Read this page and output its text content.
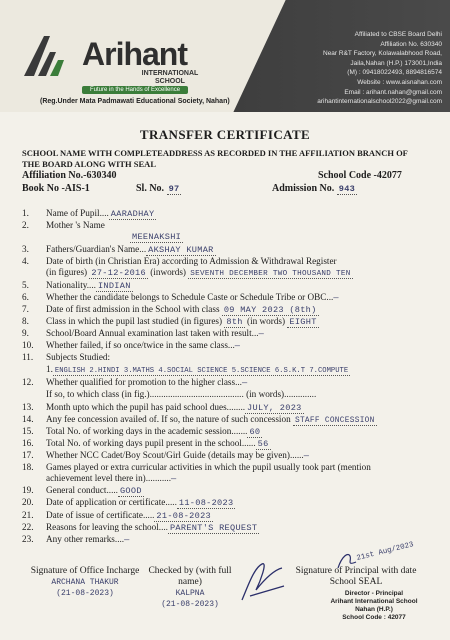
Arihant
INTERNATIONAL SCHOOL
Future in the Hands of Excellence
(Reg.Under Mata Padmawati Educational Society, Nahan)
Affiliated to CBSE Board Delhi
Affiliation No. 630340
Near R&T Factory, Kolawalabhood Road,
Jaila,Nahan (H.P.) 173001,India
(M) : 09418022493, 8894816574
Website : www.aisnahan.com
Email : arihant.nahan@gmail.com
arihantinternationalschool2022@gmail.com
TRANSFER CERTIFICATE
SCHOOL NAME WITH COMPLETEADDRESS AS RECORDED IN THE AFFILIATION BRANCH OF THE BOARD ALONG WITH SEAL
Affiliation No.-630340	School Code -42077
Book No -AIS-1	Sl. No. 97	Admission No. 943
1. Name of Pupil.... AARADHAY
2. Mother 's Name
MEENAKSHI
3. Fathers/Guardian's Name... AKSHAY KUMAR
4. Date of birth (in Christian Era) according to Admission & Withdrawal Register
(in figures) 27-12-2016 (inwords) SEVENTH DECEMBER TWO THOUSAND TEN
5. Nationality.... INDIAN
6. Whether the candidate belongs to Schedule Caste or Schedule Tribe or OBC...—
7. Date of first admission in the School with class 09 MAY 2023 (8th)
8. Class in which the pupil last studied (in figures) 8th (in words) EIGHT
9. School/Board Annual examination last taken with result...—
10. Whether failed, if so once/twice in the same class...—
11. Subjects Studied:
1. ENGLISH 2.HINDI 3.MATHS 4.SOCIAL SCIENCE 5.SCIENCE 6.S.K.T 7.COMPUTE
12. Whether qualified for promotion to the higher class...—
If so, to which class (in fig.)......................................... (in words)..............
13. Month upto which the pupil has paid school dues........ JULY, 2023
14. Any fee concession availed of. If so, the nature of such concession STAFF CONCESSION
15. Total No. of working days in the academic session....... 60
16. Total No. of working days pupil present in the school...... 56
17. Whether NCC Cadet/Boy Scout/Girl Guide (details may be given)......—
18. Games played or extra curricular activities in which the pupil usually took part (mention
achievement level there in)...........—
19. General conduct..... GOOD
20. Date of application or certificate..... 11-08-2023
21. Date of issue of certificate..... 21-08-2023
22. Reasons for leaving the school.... PARENT'S REQUEST
23. Any other remarks....—
Signature of Office Incharge
ARCHANA THAKUR
(21-08-2023)
Checked by (with full name)
KALPNA
(21-08-2023)
Signature of Principal with date School SEAL
21st Aug/2023
Director - Principal
Arihant International School
Nahan (H.P.)
School Code : 42077
